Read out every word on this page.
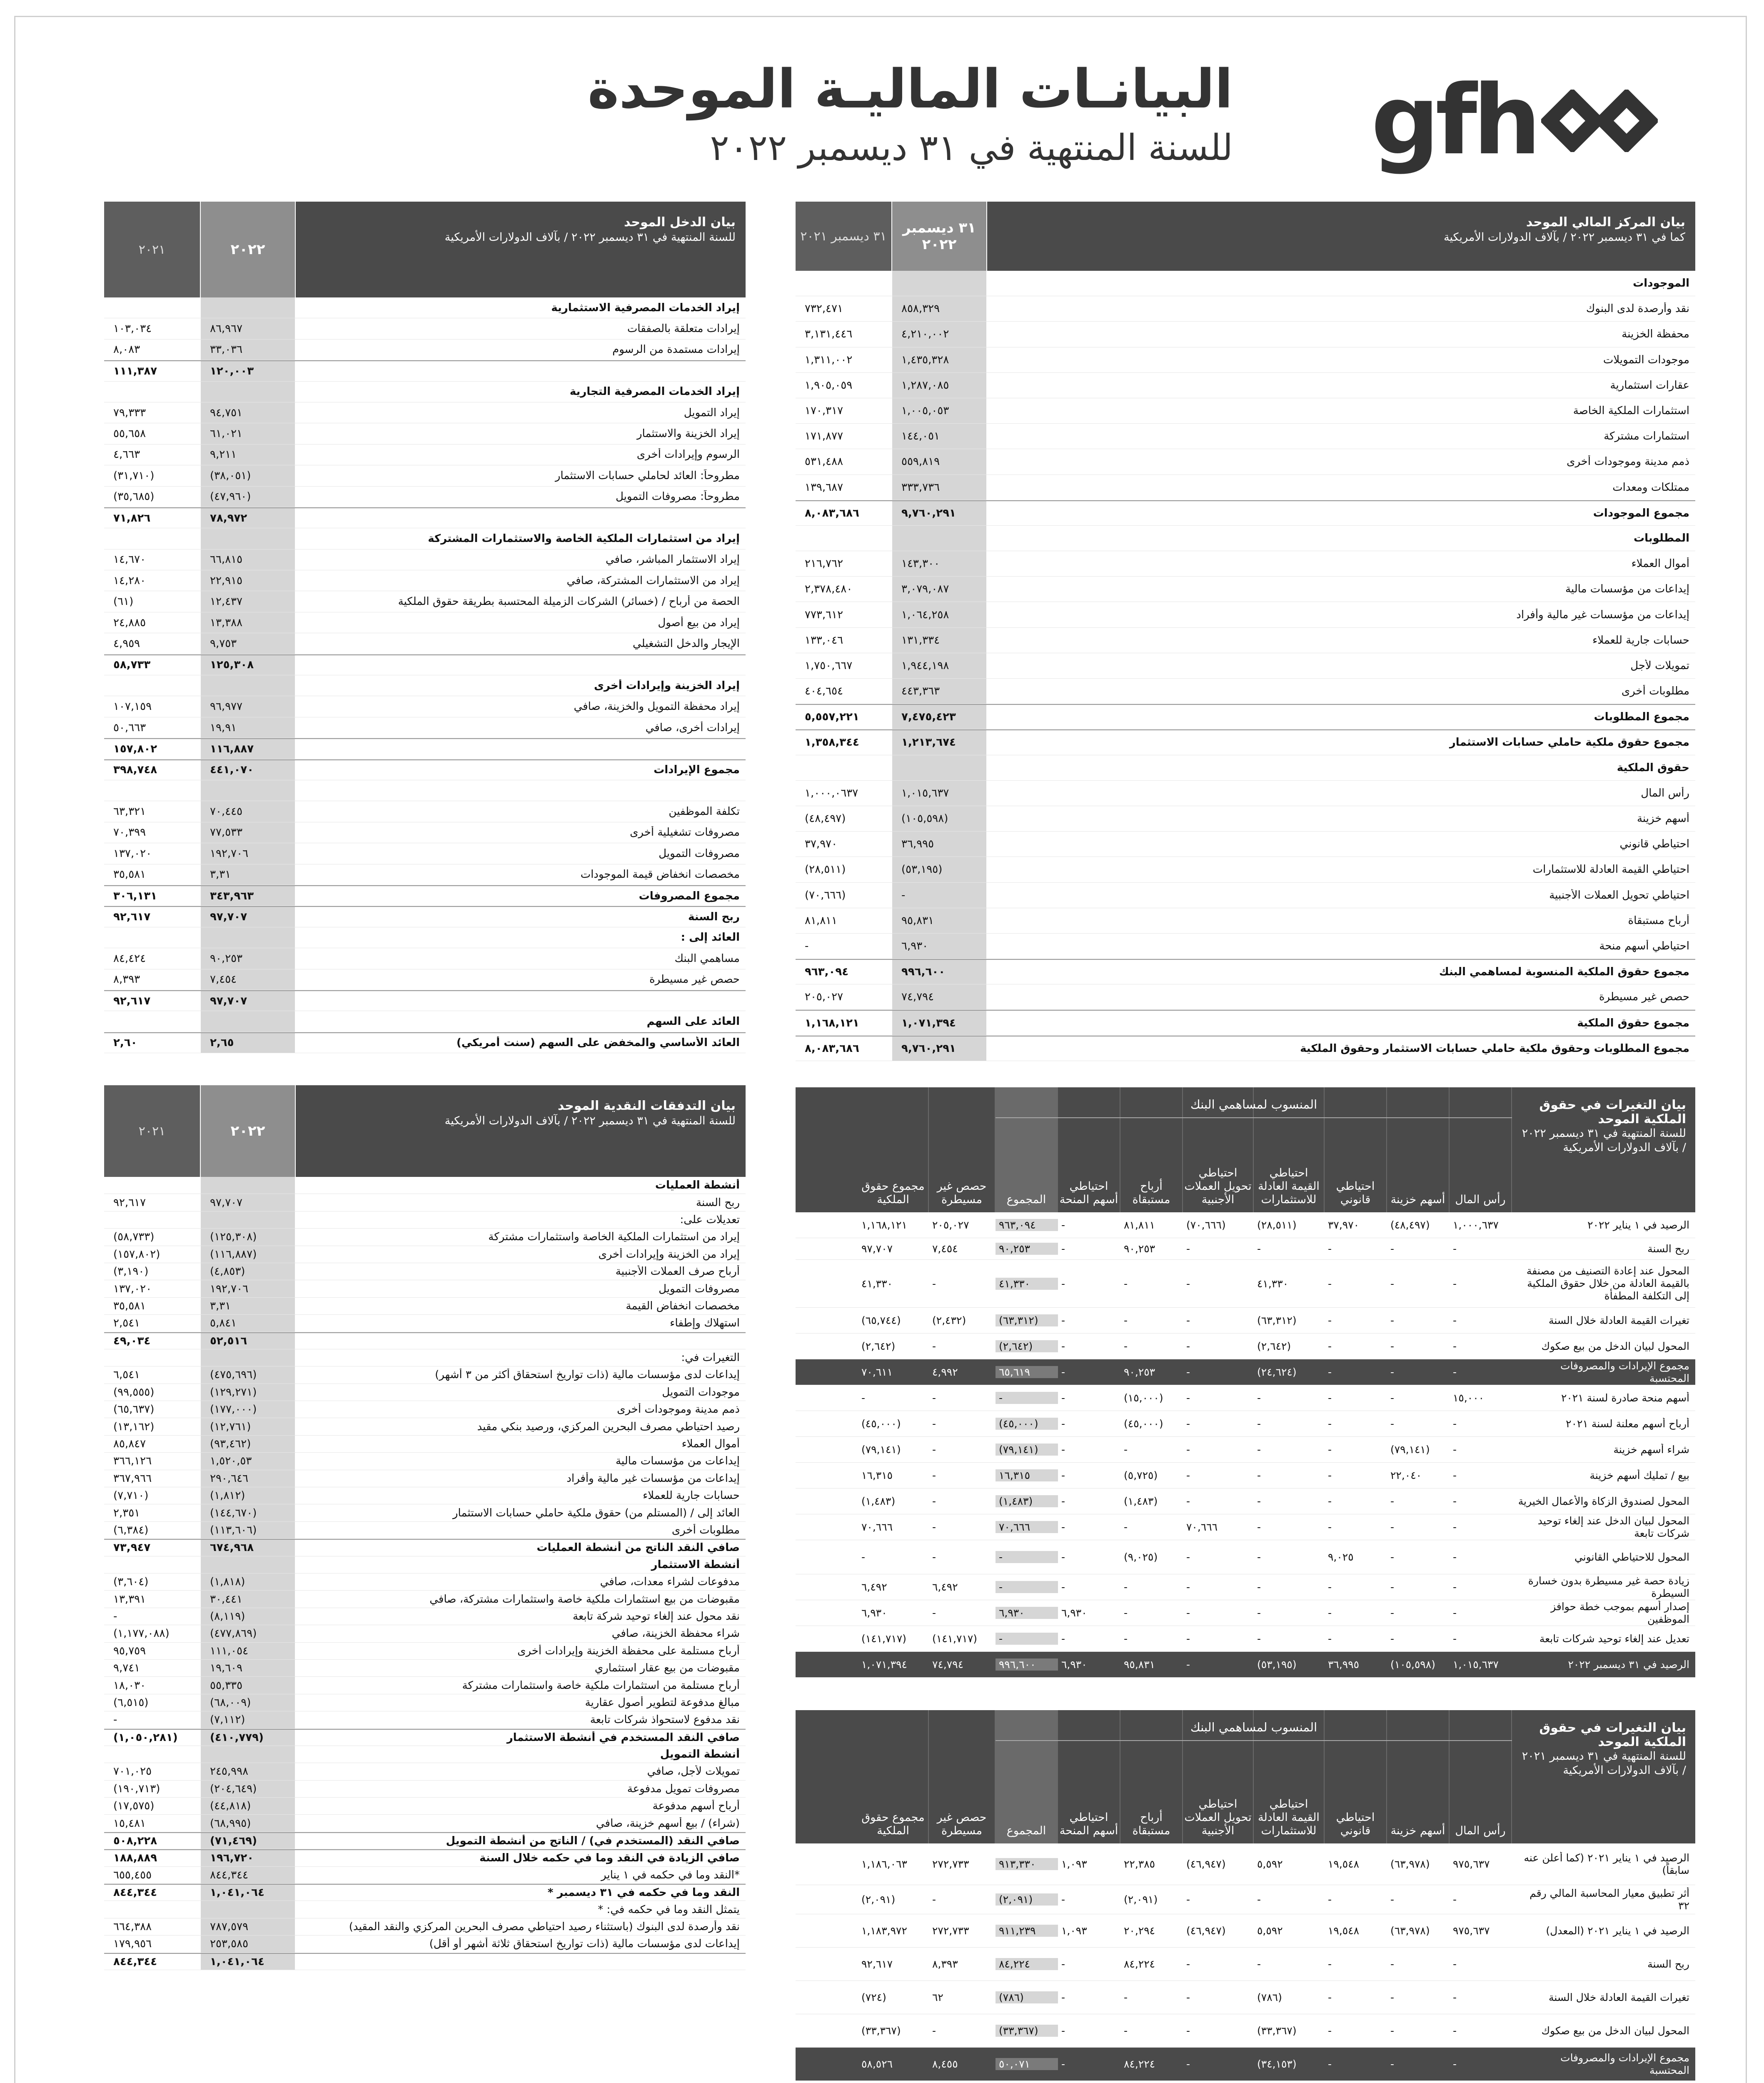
البيانـات الماليـة الموحدة
للسنة المنتهية في ٣١ ديسمبر ٢٠٢٢ gfh
بيان المركز المالي الموحد
كما في ٣١ ديسمبر ٢٠٢٢ / بآلاف الدولارات الأمريكية
٣١ ديسمبر ٢٠٢٢
٣١ ديسمبر ٢٠٢١
الموجودات
نقد وأرصدة لدى البنوك
٨٥٨,٣٢٩
٧٣٢,٤٧١
محفظة الخزينة
٤,٢١٠,٠٠٢
٣,١٣١,٤٤٦
موجودات التمويلات
١,٤٣٥,٣٢٨
١,٣١١,٠٠٢
عقارات استثمارية
١,٢٨٧,٠٨٥
١,٩٠٥,٠٥٩
استثمارات الملكية الخاصة
١,٠٠٥,٠٥٣
١٧٠,٣١٧
استثمارات مشتركة
١٤٤,٠٥١
١٧١,٨٧٧
ذمم مدينة وموجودات أخرى
٥٥٩,٨١٩
٥٣١,٤٨٨
ممتلكات ومعدات
٣٣٣,٧٣٦
١٣٩,٦٨٧
مجموع الموجودات
٩,٧٦٠,٢٩١
٨,٠٨٣,٦٨٦
المطلوبات
أموال العملاء
١٤٣,٣٠٠
٢١٦,٧٦٢
إيداعات من مؤسسات مالية
٣,٠٧٩,٠٨٧
٢,٣٧٨,٤٨٠
إيداعات من مؤسسات غير مالية وأفراد
١,٠٦٤,٢٥٨
٧٧٣,٦١٢
حسابات جارية للعملاء
١٣١,٣٣٤
١٣٣,٠٤٦
تمويلات لأجل
١,٩٤٤,١٩٨
١,٧٥٠,٦٦٧
مطلوبات أخرى
٤٤٣,٣٦٣
٤٠٤,٦٥٤
مجموع المطلوبات
٧,٤٧٥,٤٢٣
٥,٥٥٧,٢٢١
مجموع حقوق ملكية حاملي حسابات الاستثمار
١,٢١٣,٦٧٤
١,٣٥٨,٣٤٤
حقوق الملكية
رأس المال
١,٠١٥,٦٣٧
١,٠٠٠,٠٦٣٧
أسهم خزينة
(١٠٥,٥٩٨)
(٤٨,٤٩٧)
احتياطي قانوني
٣٦,٩٩٥
٣٧,٩٧٠
احتياطي القيمة العادلة للاستثمارات
(٥٣,١٩٥)
(٢٨,٥١١)
احتياطي تحويل العملات الأجنبية
-
(٧٠,٦٦٦)
أرباح مستبقاة
٩٥,٨٣١
٨١,٨١١
احتياطي أسهم منحة
٦,٩٣٠
-
مجموع حقوق الملكية المنسوبة لمساهمي البنك
٩٩٦,٦٠٠
٩٦٣,٠٩٤
حصص غير مسيطرة
٧٤,٧٩٤
٢٠٥,٠٢٧
مجموع حقوق الملكية
١,٠٧١,٣٩٤
١,١٦٨,١٢١
مجموع المطلوبات وحقوق ملكية حاملي حسابات الاستثمار وحقوق الملكية
٩,٧٦٠,٢٩١
٨,٠٨٣,٦٨٦
بيان الدخل الموحد
للسنة المنتهية في ٣١ ديسمبر ٢٠٢٢ / بآلاف الدولارات الأمريكية
٢٠٢٢
٢٠٢١
إيراد الخدمات المصرفية الاستثمارية
إيرادات متعلقة بالصفقات
٨٦,٩٦٧
١٠٣,٠٣٤
إيرادات مستمدة من الرسوم
٣٣,٠٣٦
٨,٠٨٣
١٢٠,٠٠٣
١١١,٣٨٧
إيراد الخدمات المصرفية التجارية
إيراد التمويل
٩٤,٧٥١
٧٩,٣٣٣
إيراد الخزينة والاستثمار
٦١,٠٢١
٥٥,٦٥٨
الرسوم وإيرادات أخرى
٩,٢١١
٤,٦٦٣
مطروحاً: العائد لحاملي حسابات الاستثمار
(٣٨,٠٥١)
(٣١,٧١٠)
مطروحاً: مصروفات التمويل
(٤٧,٩٦٠)
(٣٥,٦٨٥)
٧٨,٩٧٢
٧١,٨٢٦
إيراد من استثمارات الملكية الخاصة والاستثمارات المشتركة
إيراد الاستثمار المباشر، صافي
٦٦,٨١٥
١٤,٦٧٠
إيراد من الاستثمارات المشتركة، صافي
٢٢,٩١٥
١٤,٢٨٠
الحصة من أرباح / (خسائر) الشركات الزميلة المحتسبة بطريقة حقوق الملكية
١٢,٤٣٧
(٦١)
إيراد من بيع أصول
١٣,٣٨٨
٢٤,٨٨٥
الإيجار والدخل التشغيلي
٩,٧٥٣
٤,٩٥٩
١٢٥,٣٠٨
٥٨,٧٣٣
إيراد الخزينة وإيرادات أخرى
إيراد محفظة التمويل والخزينة، صافي
٩٦,٩٧٧
١٠٧,١٥٩
إيرادات أخرى، صافي
١٩,٩١
٥٠,٦٦٣
١١٦,٨٨٧
١٥٧,٨٠٢
مجموع الإيرادات
٤٤١,٠٧٠
٣٩٨,٧٤٨
تكلفة الموظفين
٧٠,٤٤٥
٦٣,٣٢١
مصروفات تشغيلية أخرى
٧٧,٥٣٣
٧٠,٣٩٩
مصروفات التمويل
١٩٢,٧٠٦
١٣٧,٠٢٠
مخصصات انخفاض قيمة الموجودات
٣,٣١
٣٥,٥٨١
مجموع المصروفات
٣٤٣,٩٦٣
٣٠٦,١٣١
ربح السنة
٩٧,٧٠٧
٩٢,٦١٧
العائد إلى :
مساهمي البنك
٩٠,٢٥٣
٨٤,٤٢٤
حصص غير مسيطرة
٧,٤٥٤
٨,٣٩٣
٩٧,٧٠٧
٩٢,٦١٧
العائد على السهم
العائد الأساسي والمخفض على السهم (سنت أمريكي)
٢,٦٥
٢,٦٠
بيان التدفقات النقدية الموحد
للسنة المنتهية في ٣١ ديسمبر ٢٠٢٢ / بآلاف الدولارات الأمريكية
٢٠٢٢
٢٠٢١
أنشطة العمليات
ربح السنة
٩٧,٧٠٧
٩٢,٦١٧
تعديلات على:
إيراد من استثمارات الملكية الخاصة واستثمارات مشتركة
(١٢٥,٣٠٨)
(٥٨,٧٣٣)
إيراد من الخزينة وإيرادات أخرى
(١١٦,٨٨٧)
(١٥٧,٨٠٢)
أرباح صرف العملات الأجنبية
(٤,٨٥٣)
(٣,١٩٠)
مصروفات التمويل
١٩٢,٧٠٦
١٣٧,٠٢٠
مخصصات انخفاض القيمة
٣,٣١
٣٥,٥٨١
استهلاك وإطفاء
٥,٨٤١
٢,٥٤١
٥٢,٥١٦
٤٩,٠٣٤
التغيرات في:
إيداعات لدى مؤسسات مالية (ذات تواريخ استحقاق أكثر من ٣ أشهر)
(٤٧٥,٦٩٦)
٦,٥٤١
موجودات التمويل
(١٢٩,٢٧١)
(٩٩,٥٥٥)
ذمم مدينة وموجودات أخرى
(١٧٧,٠٠٠)
(٦٥,٦٣٧)
رصيد احتياطي مصرف البحرين المركزي، ورصيد بنكي مقيد
(١٢,٧٦١)
(١٣,١٦٢)
أموال العملاء
(٩٣,٤٦٢)
٨٥,٨٤٧
إيداعات من مؤسسات مالية
١,٥٢٠,٥٣
٣٦٦,١٢٦
إيداعات من مؤسسات غير مالية وأفراد
٢٩٠,٦٤٦
٣٦٧,٩٦٦
حسابات جارية للعملاء
(١,٨١٢)
(٧,٧١٠)
العائد إلى / (المستلم من) حقوق ملكية حاملي حسابات الاستثمار
(١٤٤,٦٧٠)
٢,٣٥١
مطلوبات أخرى
(١١٣,٦٠٦)
(٦,٣٨٤)
صافي النقد الناتج من أنشطة العمليات
٦٧٤,٩٦٨
٧٣,٩٤٧
أنشطة الاستثمار
مدفوعات لشراء معدات، صافي
(١,٨١٨)
(٣,٦٠٤)
مقبوضات من بيع استثمارات ملكية خاصة واستثمارات مشتركة، صافي
٣٠,٤٤١
١٣,٣٩١
نقد محول عند إلغاء توحيد شركة تابعة
(٨,١١٩)
-
شراء محفظة الخزينة، صافي
(٤٧٧,٨٦٩)
(١,١٧٧,٠٨٨)
أرباح مستلمة على محفظة الخزينة وإيرادات أخرى
١١١,٠٥٤
٩٥,٧٥٩
مقبوضات من بيع عقار استثماري
١٩,٦٠٩
٩,٧٤١
أرباح مستلمة من استثمارات ملكية خاصة واستثمارات مشتركة
٥٥,٣٣٥
١٨,٠٣٠
مبالغ مدفوعة لتطوير أصول عقارية
(٦٨,٠٠٩)
(٦,٥١٥)
نقد مدفوع لاستحواذ شركات تابعة
(٧,١١٢)
-
صافي النقد المستخدم في أنشطة الاستثمار
(٤١٠,٧٧٩)
(١,٠٥٠,٢٨١)
أنشطة التمويل
تمويلات لأجل، صافي
٢٤٥,٩٩٨
٧٠١,٠٢٥
مصروفات تمويل مدفوعة
(٢٠٤,٦٤٩)
(١٩٠,٧١٣)
أرباح أسهم مدفوعة
(٤٤,٨١٨)
(١٧,٥٧٥)
(شراء) / بيع أسهم خزينة، صافي
(٦٨,٩٩٥)
١٥,٤٨١
صافي النقد (المستخدم في) / الناتج من أنشطة التمويل
(٧١,٤٦٩)
٥٠٨,٢٢٨
صافي الزيادة في النقد وما في حكمه خلال السنة
١٩٦,٧٢٠
١٨٨,٨٨٩
*النقد وما في حكمه في ١ يناير
٨٤٤,٣٤٤
٦٥٥,٤٥٥
النقد وما في حكمه في ٣١ ديسمبر *
١,٠٤١,٠٦٤
٨٤٤,٣٤٤
يتمثل النقد وما في حكمه في: *
نقد وأرصدة لدى البنوك (باستثناء رصيد احتياطي مصرف البحرين المركزي والنقد المقيد)
٧٨٧,٥٧٩
٦٦٤,٣٨٨
إيداعات لدى مؤسسات مالية (ذات تواريخ استحقاق ثلاثة أشهر أو أقل)
٢٥٣,٥٨٥
١٧٩,٩٥٦
١,٠٤١,٠٦٤
٨٤٤,٣٤٤

بيان التغيرات في حقوق الملكية الموحد
للسنة المنتهية في ٣١ ديسمبر ٢٠٢٢ / بآلاف الدولارات الأمريكية
رأس المال
أسهم خزينة
احتياطي قانوني
احتياطي القيمة العادلة للاستثمارات
احتياطي تحويل العملات الأجنبية
أرباح مستبقاة
احتياطي أسهم المنحة
المجموع
حصص غير مسيطرة
مجموع حقوق الملكية
المنسوب لمساهمي البنك
الرصيد في ١ يناير ٢٠٢٢
١,٠٠٠,٦٣٧
(٤٨,٤٩٧)
٣٧,٩٧٠
(٢٨,٥١١)
(٧٠,٦٦٦)
٨١,٨١١
-
٩٦٣,٠٩٤
٢٠٥,٠٢٧
١,١٦٨,١٢١
ربح السنة
-
-
-
-
-
٩٠,٢٥٣
-
٩٠,٢٥٣
٧,٤٥٤
٩٧,٧٠٧
المحول عند إعادة التصنيف من مصنفة بالقيمة العادلة من خلال حقوق الملكية إلى التكلفة المطفأة
-
-
-
٤١,٣٣٠
-
-
-
٤١,٣٣٠
-
٤١,٣٣٠
تغيرات القيمة العادلة خلال السنة
-
-
-
(٦٣,٣١٢)
-
-
-
(٦٣,٣١٢)
(٢,٤٣٢)
(٦٥,٧٤٤)
المحول لبيان الدخل من بيع صكوك
-
-
-
(٢,٦٤٢)
-
-
-
(٢,٦٤٢)
-
(٢,٦٤٢)
مجموع الإيرادات والمصروفات المحتسبة
-
-
-
(٢٤,٦٢٤)
-
٩٠,٢٥٣
-
٦٥,٦١٩
٤,٩٩٢
٧٠,٦١١
أسهم منحة صادرة لسنة ٢٠٢١
١٥,٠٠٠
-
-
-
-
(١٥,٠٠٠)
-
-
-
-
أرباح أسهم معلنة لسنة ٢٠٢١
-
-
-
-
-
(٤٥,٠٠٠)
-
(٤٥,٠٠٠)
-
(٤٥,٠٠٠)
شراء أسهم خزينة
-
(٧٩,١٤١)
-
-
-
-
-
(٧٩,١٤١)
-
(٧٩,١٤١)
بيع / تمليك أسهم خزينة
-
٢٢,٠٤٠
-
-
-
(٥,٧٢٥)
-
١٦,٣١٥
-
١٦,٣١٥
المحول لصندوق الزكاة والأعمال الخيرية
-
-
-
-
-
(١,٤٨٣)
-
(١,٤٨٣)
-
(١,٤٨٣)
المحول لبيان الدخل عند إلغاء توحيد شركات تابعة
-
-
-
-
٧٠,٦٦٦
-
-
٧٠,٦٦٦
-
٧٠,٦٦٦
المحول للاحتياطي القانوني
-
-
٩,٠٢٥
-
-
(٩,٠٢٥)
-
-
-
-
زيادة حصة غير مسيطرة بدون خسارة السيطرة
-
-
-
-
-
-
-
-
٦,٤٩٢
٦,٤٩٢
إصدار أسهم بموجب خطة حوافز الموظفين
-
-
-
-
-
-
٦,٩٣٠
٦,٩٣٠
-
٦,٩٣٠
تعديل عند إلغاء توحيد شركات تابعة
-
-
-
-
-
-
-
-
(١٤١,٧١٧)
(١٤١,٧١٧)
الرصيد في ٣١ ديسمبر ٢٠٢٢
١,٠١٥,٦٣٧
(١٠٥,٥٩٨)
٣٦,٩٩٥
(٥٣,١٩٥)
-
٩٥,٨٣١
٦,٩٣٠
٩٩٦,٦٠٠
٧٤,٧٩٤
١,٠٧١,٣٩٤
بيان التغيرات في حقوق الملكية الموحد
للسنة المنتهية في ٣١ ديسمبر ٢٠٢١ / بآلاف الدولارات الأمريكية
رأس المال
أسهم خزينة
احتياطي قانوني
احتياطي القيمة العادلة للاستثمارات
احتياطي تحويل العملات الأجنبية
أرباح مستبقاة
احتياطي أسهم المنحة
المجموع
حصص غير مسيطرة
مجموع حقوق الملكية
المنسوب لمساهمي البنك
الرصيد في ١ يناير ٢٠٢١ (كما أعلن عنه سابقاً)
٩٧٥,٦٣٧
(٦٣,٩٧٨)
١٩,٥٤٨
٥,٥٩٢
(٤٦,٩٤٧)
٢٢,٣٨٥
١,٠٩٣
٩١٣,٣٣٠
٢٧٢,٧٣٣
١,١٨٦,٠٦٣
أثر تطبيق معيار المحاسبة المالي رقم ٣٢
-
-
-
-
-
(٢,٠٩١)
-
(٢,٠٩١)
-
(٢,٠٩١)
الرصيد في ١ يناير ٢٠٢١ (المعدل)
٩٧٥,٦٣٧
(٦٣,٩٧٨)
١٩,٥٤٨
٥,٥٩٢
(٤٦,٩٤٧)
٢٠,٢٩٤
١,٠٩٣
٩١١,٢٣٩
٢٧٢,٧٣٣
١,١٨٣,٩٧٢
ربح السنة
-
-
-
-
-
٨٤,٢٢٤
-
٨٤,٢٢٤
٨,٣٩٣
٩٢,٦١٧
تغيرات القيمة العادلة خلال السنة
-
-
-
(٧٨٦)
-
-
-
(٧٨٦)
٦٢
(٧٢٤)
المحول لبيان الدخل من بيع صكوك
-
-
-
(٣٣,٣٦٧)
-
-
-
(٣٣,٣٦٧)
-
(٣٣,٣٦٧)
مجموع الإيرادات والمصروفات المحتسبة
-
-
-
(٣٤,١٥٣)
-
٨٤,٢٢٤
-
٥٠,٠٧١
٨,٤٥٥
٥٨,٥٢٦
